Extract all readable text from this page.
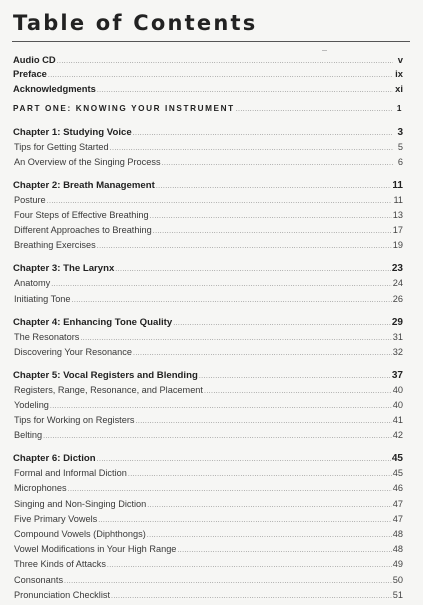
Table of Contents
Audio CD .....	v
Preface .....	ix
Acknowledgments .....	xi
PART ONE: KNOWING YOUR INSTRUMENT .....	1
Chapter 1: Studying Voice .....	3
Tips for Getting Started .....	5
An Overview of the Singing Process .....	6
Chapter 2: Breath Management .....	11
Posture .....	11
Four Steps of Effective Breathing .....	13
Different Approaches to Breathing .....	17
Breathing Exercises .....	19
Chapter 3: The Larynx .....	23
Anatomy .....	24
Initiating Tone .....	26
Chapter 4: Enhancing Tone Quality .....	29
The Resonators .....	31
Discovering Your Resonance .....	32
Chapter 5: Vocal Registers and Blending .....	37
Registers, Range, Resonance, and Placement .....	40
Yodeling .....	40
Tips for Working on Registers .....	41
Belting .....	42
Chapter 6: Diction .....	45
Formal and Informal Diction .....	45
Microphones .....	46
Singing and Non-Singing Diction .....	47
Five Primary Vowels .....	47
Compound Vowels (Diphthongs) .....	48
Vowel Modifications in Your High Range .....	48
Three Kinds of Attacks .....	49
Consonants .....	50
Pronunciation Checklist .....	51
